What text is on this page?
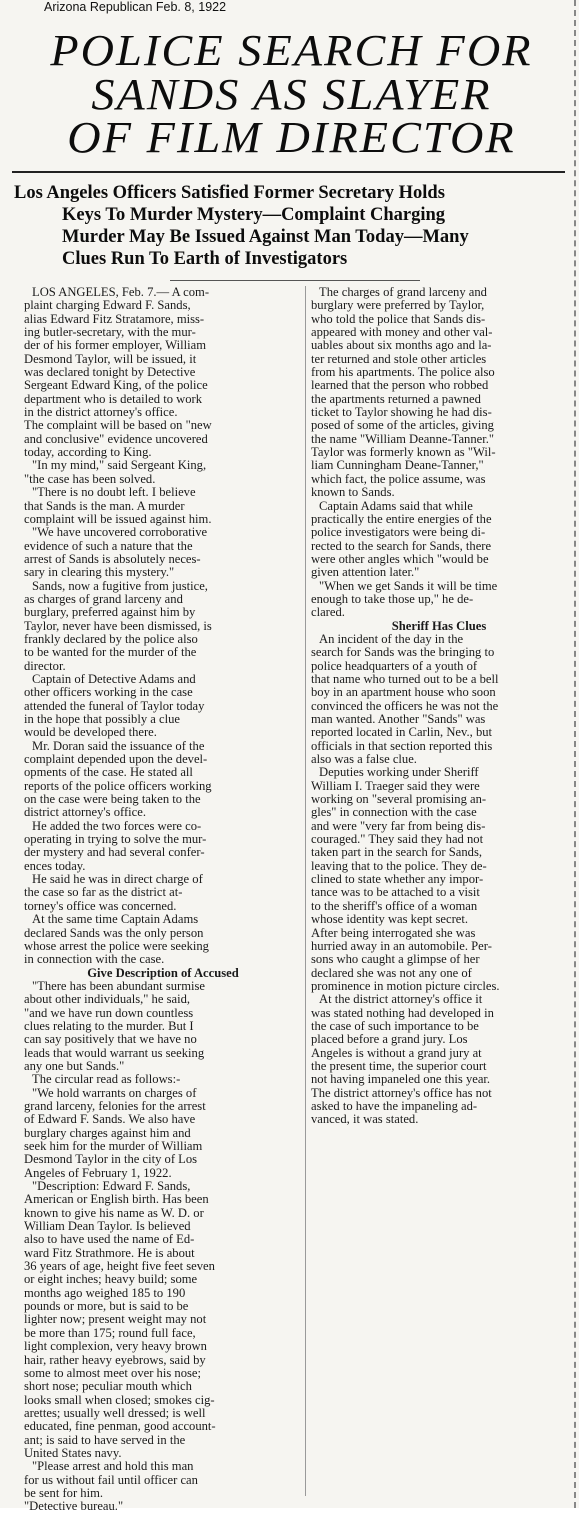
Arizona Republican Feb. 8, 1922
POLICE SEARCH FOR
SANDS AS SLAYER
OF FILM DIRECTOR
Los Angeles Officers Satisfied Former Secretary Holds
Keys To Murder Mystery—Complaint Charging
Murder May Be Issued Against Man Today—Many
Clues Run To Earth of Investigators
LOS ANGELES, Feb. 7.— A com-
plaint charging Edward F. Sands,
alias Edward Fitz Stratamore, miss-
ing butler-secretary, with the mur-
der of his former employer, William
Desmond Taylor, will be issued, it
was declared tonight by Detective
Sergeant Edward King, of the police
department who is detailed to work
in the district attorney's office.
The complaint will be based on "new
and conclusive" evidence uncovered
today, according to King.
"In my mind," said Sergeant King,
"the case has been solved.
"There is no doubt left. I believe
that Sands is the man. A murder
complaint will be issued against him.
"We have uncovered corroborative
evidence of such a nature that the
arrest of Sands is absolutely neces-
sary in clearing this mystery."
Sands, now a fugitive from justice,
as charges of grand larceny and
burglary, preferred against him by
Taylor, never have been dismissed, is
frankly declared by the police also
to be wanted for the murder of the
director.
Captain of Detective Adams and
other officers working in the case
attended the funeral of Taylor today
in the hope that possibly a clue
would be developed there.
Mr. Doran said the issuance of the
complaint depended upon the devel-
opments of the case. He stated all
reports of the police officers working
on the case were being taken to the
district attorney's office.
He added the two forces were co-
operating in trying to solve the mur-
der mystery and had several confer-
ences today.
He said he was in direct charge of
the case so far as the district at-
torney's office was concerned.
At the same time Captain Adams
declared Sands was the only person
whose arrest the police were seeking
in connection with the case.
Give Description of Accused
"There has been abundant surmise
about other individuals," he said,
"and we have run down countless
clues relating to the murder. But I
can say positively that we have no
leads that would warrant us seeking
any one but Sands."
The circular read as follows:-
"We hold warrants on charges of
grand larceny, felonies for the arrest
of Edward F. Sands. We also have
burglary charges against him and
seek him for the murder of William
Desmond Taylor in the city of Los
Angeles of February 1, 1922.
"Description: Edward F. Sands,
American or English birth. Has been
known to give his name as W. D. or
William Dean Taylor. Is believed
also to have used the name of Ed-
ward Fitz Strathmore. He is about
36 years of age, height five feet seven
or eight inches; heavy build; some
months ago weighed 185 to 190
pounds or more, but is said to be
lighter now; present weight may not
be more than 175; round full face,
light complexion, very heavy brown
hair, rather heavy eyebrows, said by
some to almost meet over his nose;
short nose; peculiar mouth which
looks small when closed; smokes cig-
arettes; usually well dressed; is well
educated, fine penman, good account-
ant; is said to have served in the
United States navy.
"Please arrest and hold this man
for us without fail until officer can
be sent for him.
"Detective bureau."
The charges of grand larceny and
burglary were preferred by Taylor,
who told the police that Sands dis-
appeared with money and other val-
uables about six months ago and la-
ter returned and stole other articles
from his apartments. The police also
learned that the person who robbed
the apartments returned a pawned
ticket to Taylor showing he had dis-
posed of some of the articles, giving
the name "William Deanne-Tanner."
Taylor was formerly known as "Wil-
liam Cunningham Deane-Tanner,"
which fact, the police assume, was
known to Sands.
Captain Adams said that while
practically the entire energies of the
police investigators were being di-
rected to the search for Sands, there
were other angles which "would be
given attention later."
"When we get Sands it will be time
enough to take those up," he de-
clared.
Sheriff Has Clues
An incident of the day in the
search for Sands was the bringing to
police headquarters of a youth of
that name who turned out to be a bell
boy in an apartment house who soon
convinced the officers he was not the
man wanted. Another "Sands" was
reported located in Carlin, Nev., but
officials in that section reported this
also was a false clue.
Deputies working under Sheriff
William I. Traeger said they were
working on "several promising an-
gles" in connection with the case
and were "very far from being dis-
couraged." They said they had not
taken part in the search for Sands,
leaving that to the police. They de-
clined to state whether any impor-
tance was to be attached to a visit
to the sheriff's office of a woman
whose identity was kept secret.
After being interrogated she was
hurried away in an automobile. Per-
sons who caught a glimpse of her
declared she was not any one of
prominence in motion picture circles.
At the district attorney's office it
was stated nothing had developed in
the case of such importance to be
placed before a grand jury. Los
Angeles is without a grand jury at
the present time, the superior court
not having impaneled one this year.
The district attorney's office has not
asked to have the impaneling ad-
vanced, it was stated.
